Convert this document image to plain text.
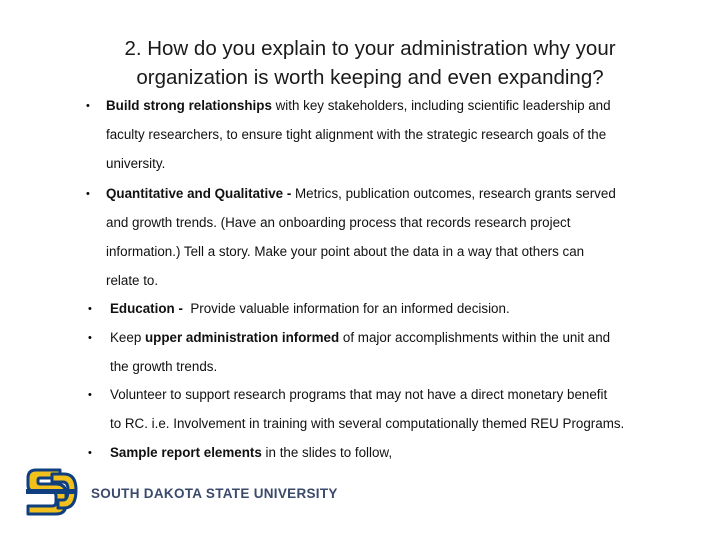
2. How do you explain to your administration why your
organization is worth keeping and even expanding?
• Build strong relationships with key stakeholders, including scientific leadership and
faculty researchers, to ensure tight alignment with the strategic research goals of the
university.
• Quantitative and Qualitative - Metrics, publication outcomes, research grants served
and growth trends. (Have an onboarding process that records research project
information.) Tell a story. Make your point about the data in a way that others can
relate to.
• Education -  Provide valuable information for an informed decision.
• Keep upper administration informed of major accomplishments within the unit and
the growth trends.
• Volunteer to support research programs that may not have a direct monetary benefit
to RC. i.e. Involvement in training with several computationally themed REU Programs.
• Sample report elements in the slides to follow,
SOUTH DAKOTA STATE UNIVERSITY
